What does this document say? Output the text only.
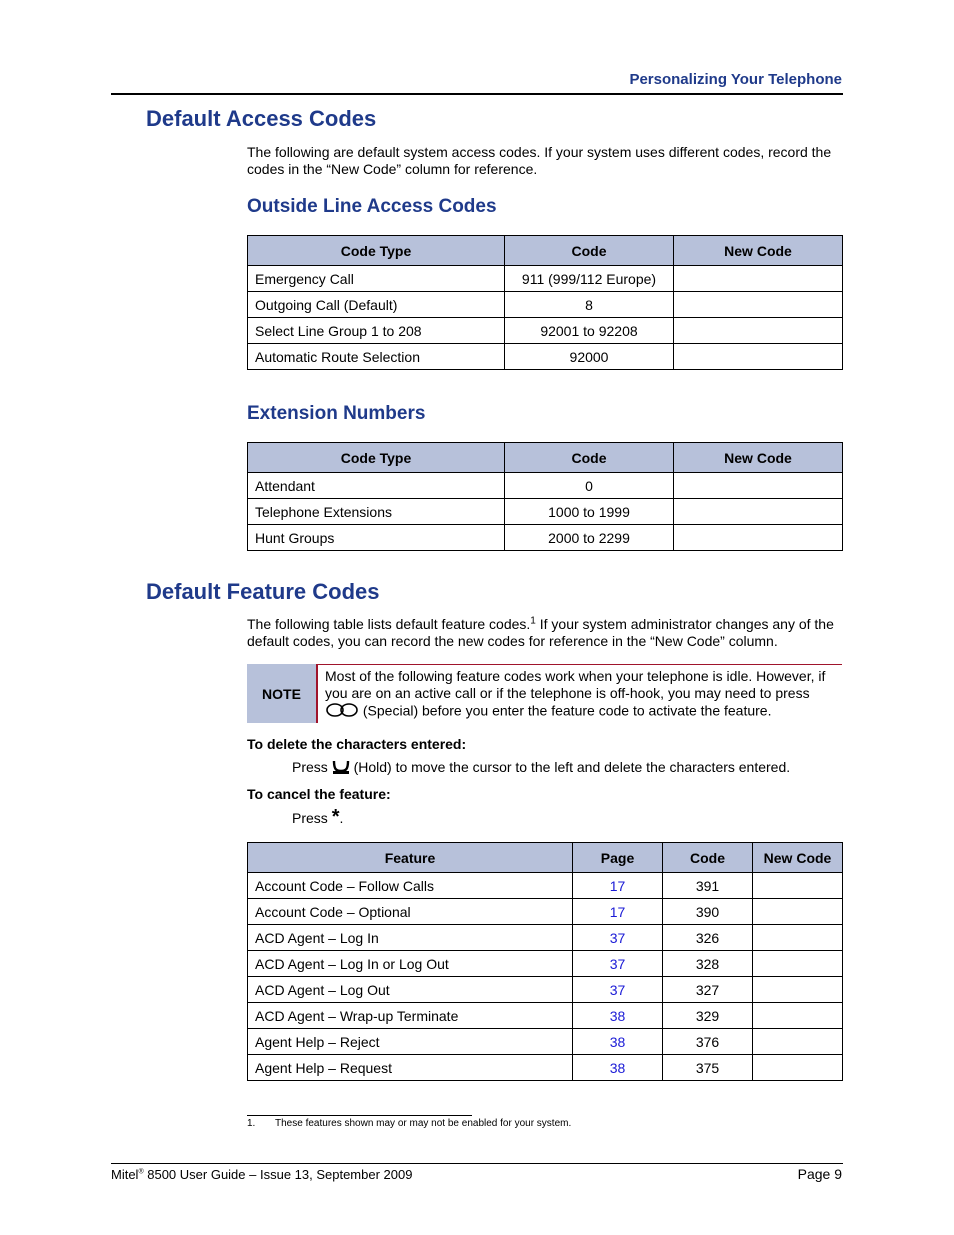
Personalizing Your Telephone
Default Access Codes
The following are default system access codes. If your system uses different codes, record the codes in the “New Code” column for reference.
Outside Line Access Codes
Code Type	Code	New Code
Emergency Call	911 (999/112 Europe)	
Outgoing Call (Default)	8	
Select Line Group 1 to 208	92001 to 92208	
Automatic Route Selection	92000	
Extension Numbers
Code Type	Code	New Code
Attendant	0	
Telephone Extensions	1000 to 1999	
Hunt Groups	2000 to 2299	
Default Feature Codes
The following table lists default feature codes.$^1$ If your system administrator changes any of the default codes, you can record the new codes for reference in the “New Code” column.
NOTE
Most of the following feature codes work when your telephone is idle. However, if you are on an active call or if the telephone is off-hook, you may need to press  (Special) before you enter the feature code to activate the feature.
To delete the characters entered:
Press  (Hold) to move the cursor to the left and delete the characters entered.
To cancel the feature:
Press *.
Feature	Page	Code	New Code
Account Code – Follow Calls	17	391	
Account Code – Optional	17	390	
ACD Agent – Log In	37	326	
ACD Agent – Log In or Log Out	37	328	
ACD Agent – Log Out	37	327	
ACD Agent – Wrap-up Terminate	38	329	
Agent Help – Reject	38	376	
Agent Help – Request	38	375	
1. These features shown may or may not be enabled for your system.
Mitel® 8500 User Guide – Issue 13, September 2009	Page 9
